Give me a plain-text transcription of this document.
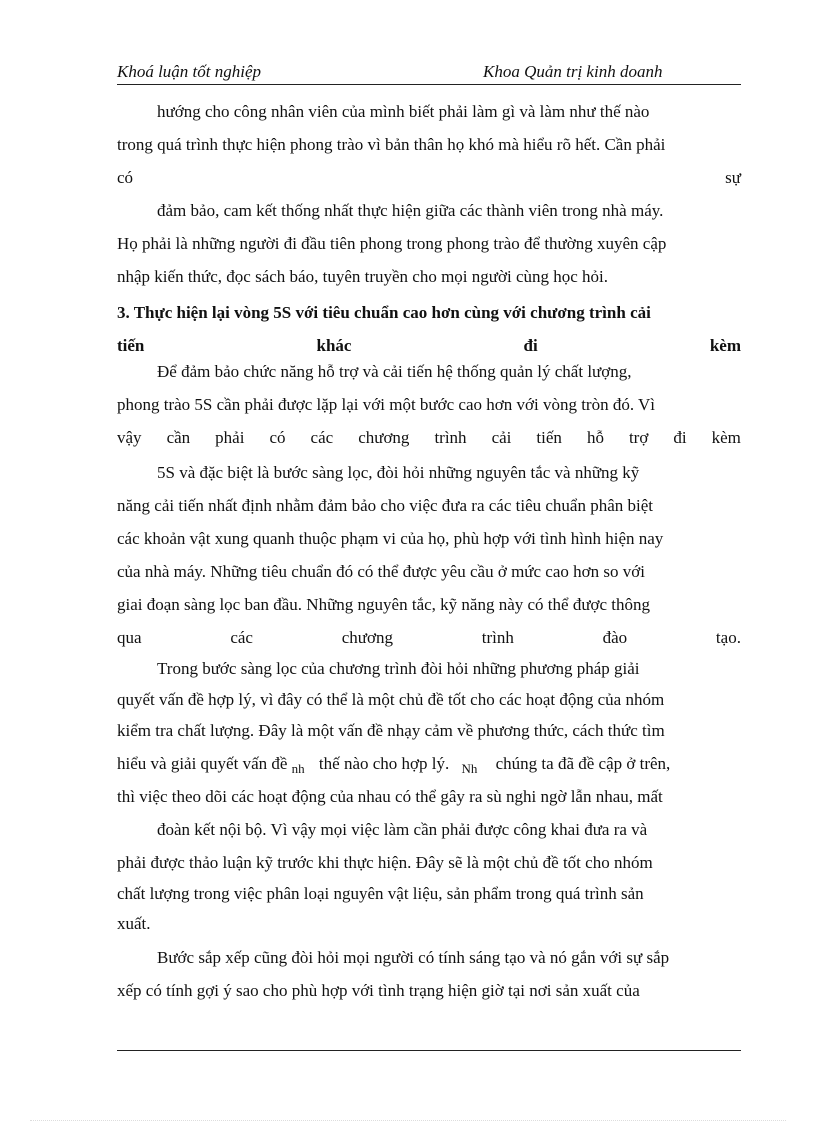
Khoá luận tốt nghiệp	Khoa Quản trị kinh doanh
hướng cho công nhân viên của mình biết phải làm gì và làm như thế nào
trong quá trình thực hiện phong trào vì bản thân họ khó mà hiểu rõ hết. Cần phải
có	sự
đảm bảo, cam kết thống nhất thực hiện giữa các thành viên trong nhà máy.
Họ phải là những người đi đầu tiên phong trong phong trào để thường xuyên cập
nhập kiến thức, đọc sách báo, tuyên truyền cho mọi người cùng học hỏi.
3. Thực hiện lại vòng 5S với tiêu chuẩn cao hơn cùng với chương trình cải
tiến	khác	đi	kèm
Để đảm bảo chức năng hỗ trợ và cải tiến hệ thống quản lý chất lượng,
phong trào 5S cần phải được lặp lại với một bước cao hơn với vòng tròn đó. Vì
vậy cần phải có các chương trình cải tiến hỗ trợ đi kèm
5S và đặc biệt là bước sàng lọc, đòi hỏi những nguyên tắc và những kỹ
năng cải tiến nhất định nhằm đảm bảo cho việc đưa ra các tiêu chuẩn phân biệt
các khoản vật xung quanh thuộc phạm vi của họ, phù hợp với tình hình hiện nay
của nhà máy. Những tiêu chuẩn đó có thể được yêu cầu ở mức cao hơn so với
giai đoạn sàng lọc ban đầu. Những nguyên tắc, kỹ năng này có thể được thông
qua	các	chương	trình	đào	tạo.
Trong bước sàng lọc của chương trình đòi hỏi những phương pháp giải
quyết vấn đề hợp lý, vì đây có thể là một chủ đề tốt cho các hoạt động của nhóm
kiểm tra chất lượng. Đây là một vấn đề nhạy cảm về phương thức, cách thức tìm
hiểu và giải quyết vấn đề $_{nh}$ thế nào cho hợp lý. $_{Nh}$ chúng ta đã đề cập ở trên,
thì việc theo dõi các hoạt động của nhau có thể gây ra sù nghi ngờ lẫn nhau, mất
đoàn kết nội bộ. Vì vậy mọi việc làm cần phải được công khai đưa ra và
phải được thảo luận kỹ trước khi thực hiện. Đây sẽ là một chủ đề tốt cho nhóm
chất lượng trong việc phân loại nguyên vật liệu, sản phẩm trong quá trình sản
xuất.
Bước sắp xếp cũng đòi hỏi mọi người có tính sáng tạo và nó gắn với sự sắp
xếp có tính gợi ý sao cho phù hợp với tình trạng hiện giờ tại nơi sản xuất của
